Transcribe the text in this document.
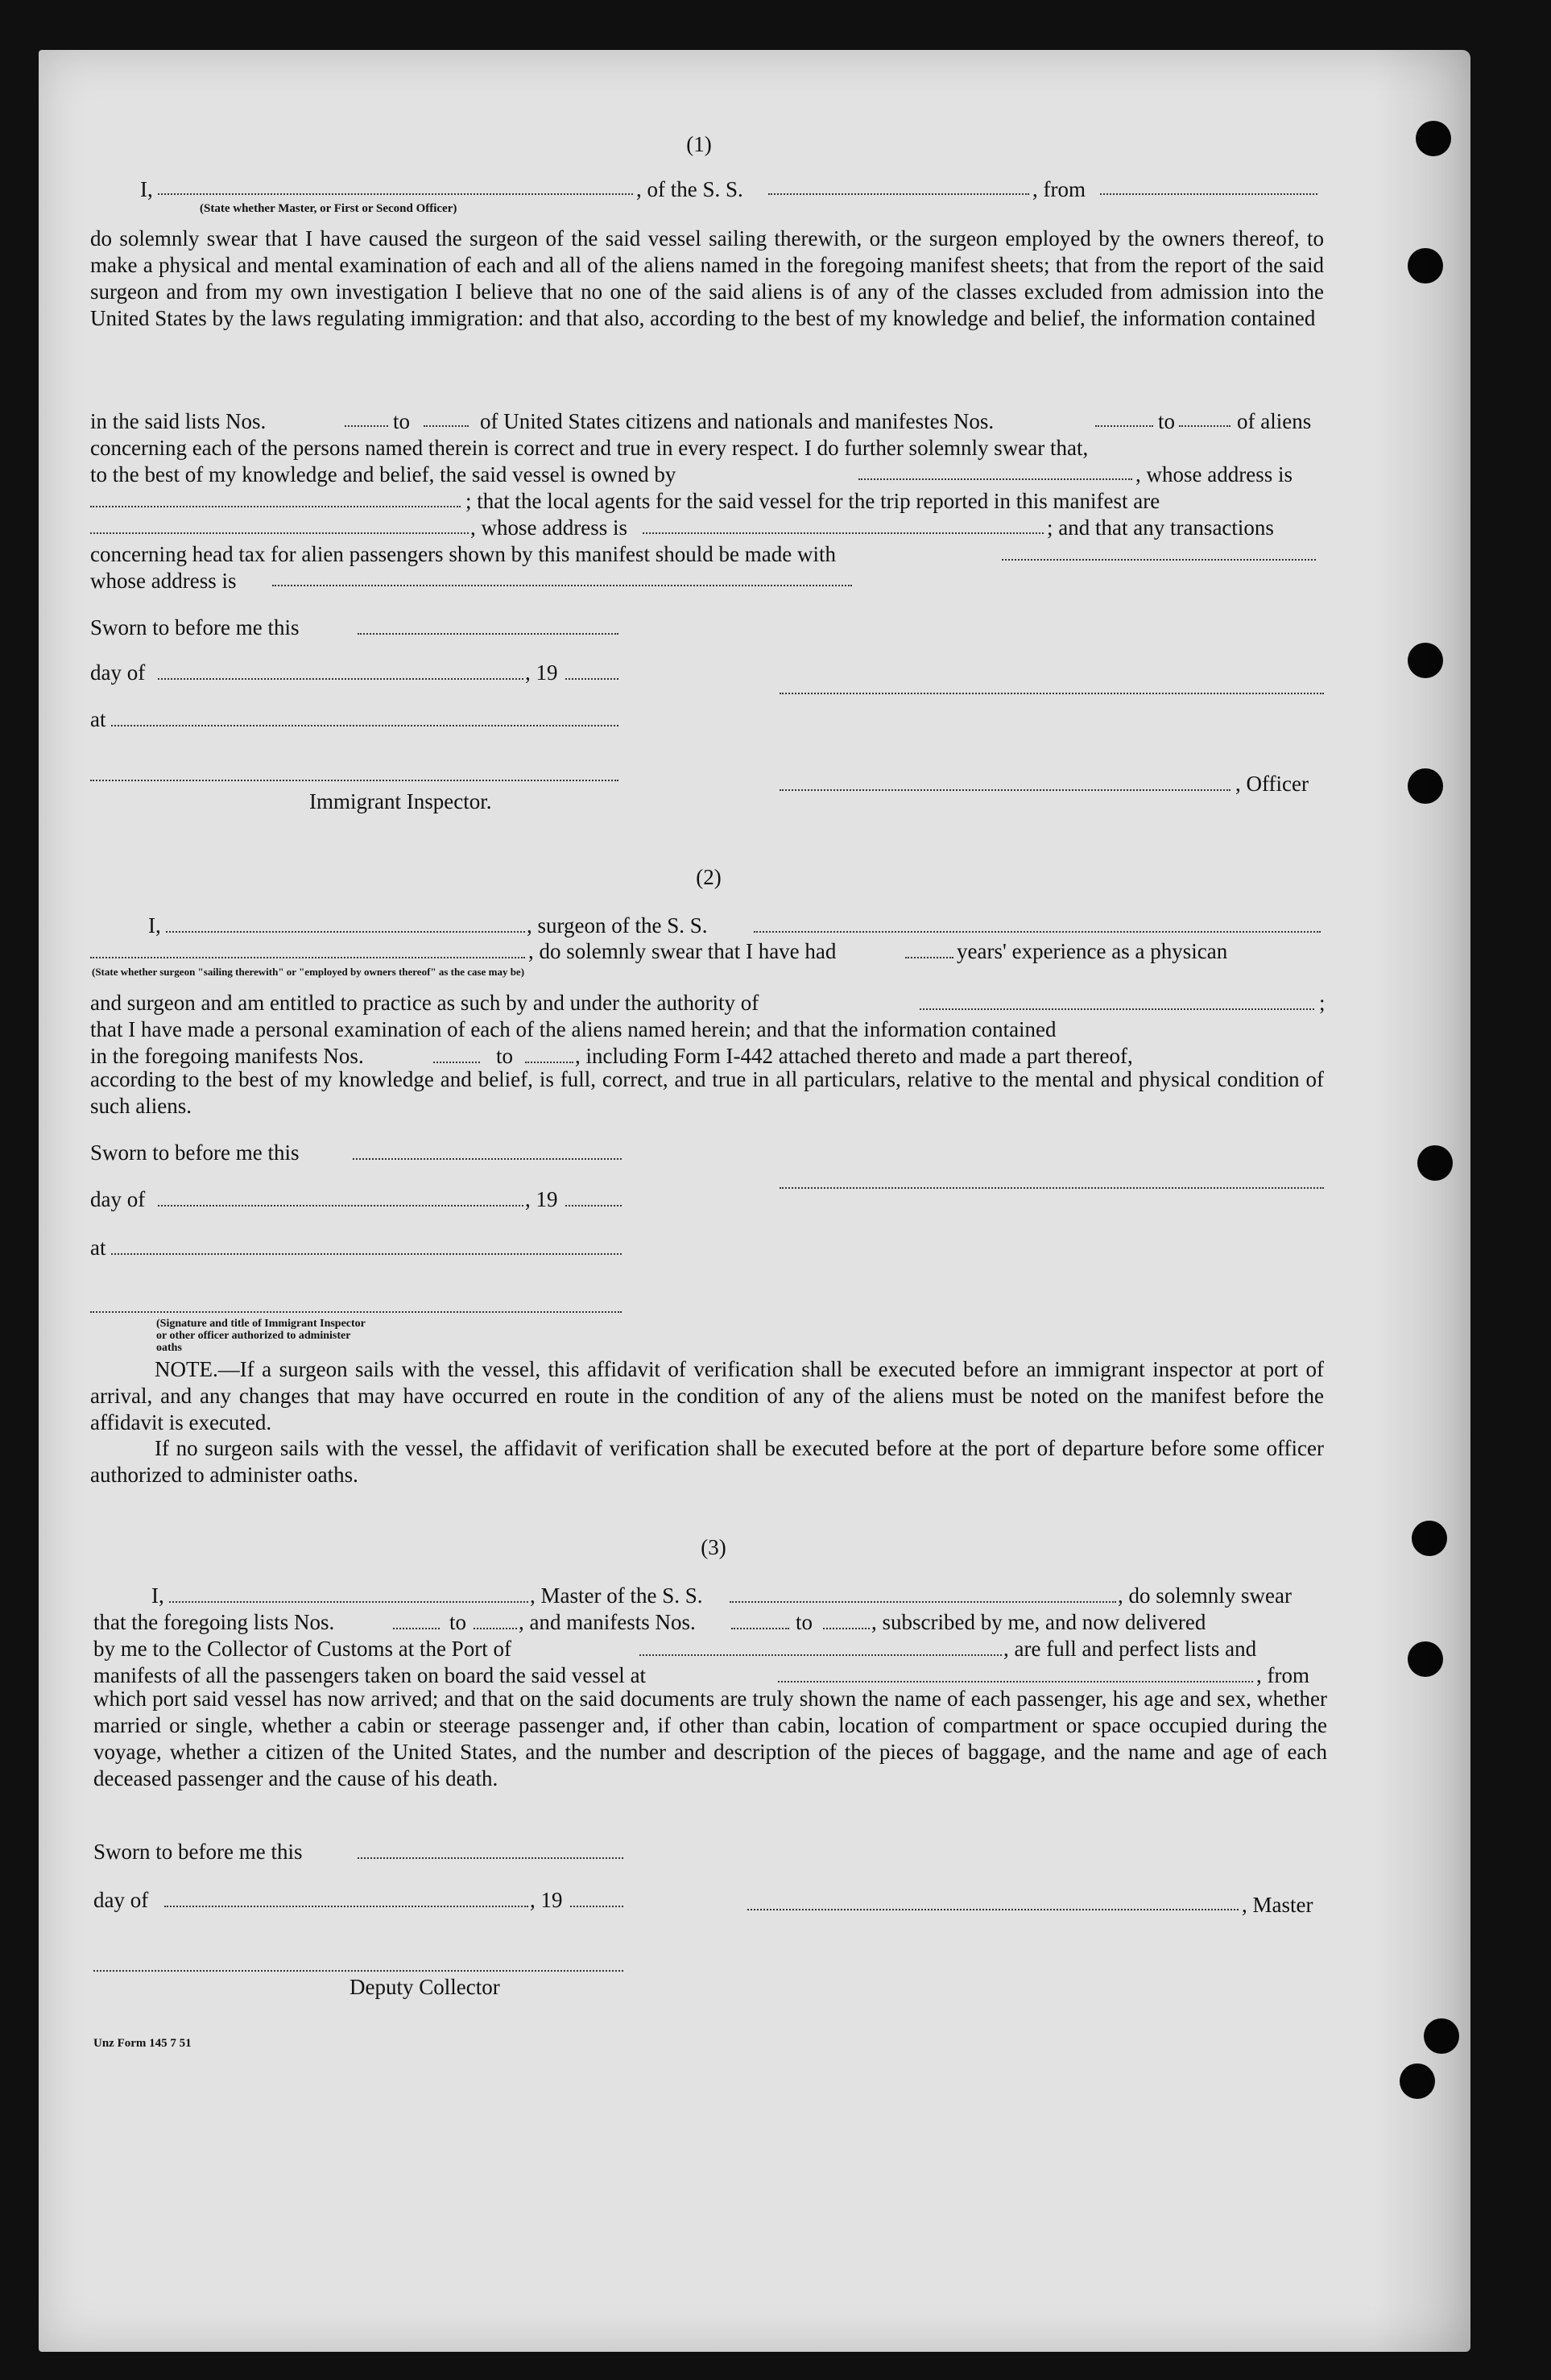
(1)
I,	, of the S. S.	, from
(State whether Master, or First or Second Officer)
do solemnly swear that I have caused the surgeon of the said vessel sailing therewith, or the surgeon employed by the owners thereof, to make a physical and mental examination of each and all of the aliens named in the foregoing manifest sheets; that from the report of the said surgeon and from my own investigation I believe that no one of the said aliens is of any of the classes excluded from admission into the United States by the laws regulating immigration: and that also, according to the best of my knowledge and belief, the information contained
in the said lists Nos.	to	of United States citizens and nationals and manifestes Nos.	to	of aliens
concerning each of the persons named therein is correct and true in every respect. I do further solemnly swear that,
to the best of my knowledge and belief, the said vessel is owned by	, whose address is
; that the local agents for the said vessel for the trip reported in this manifest are
, whose address is	; and that any transactions
concerning head tax for alien passengers shown by this manifest should be made with
whose address is
Sworn to before me this
day of	, 19
at
, Officer
Immigrant Inspector.
(2)
I,	, surgeon of the S. S.
, do solemnly swear that I have had	years' experience as a physican
(State whether surgeon "sailing therewith" or "employed by owners thereof" as the case may be)
and surgeon and am entitled to practice as such by and under the authority of	;
that I have made a personal examination of each of the aliens named herein; and that the information contained
in the foregoing manifests Nos.	to	, including Form I-442 attached thereto and made a part thereof,
according to the best of my knowledge and belief, is full, correct, and true in all particulars, relative to the mental and physical condition of such aliens.
Sworn to before me this
day of	, 19
at
(Signature and title of Immigrant Inspector or other officer authorized to administer oaths
NOTE.—If a surgeon sails with the vessel, this affidavit of verification shall be executed before an immigrant inspector at port of arrival, and any changes that may have occurred en route in the condition of any of the aliens must be noted on the manifest before the affidavit is executed.
If no surgeon sails with the vessel, the affidavit of verification shall be executed before at the port of departure before some officer authorized to administer oaths.
(3)
I,	, Master of the S. S.	, do solemnly swear
that the foregoing lists Nos.	to , and manifests Nos.	to	, subscribed by me, and now delivered
by me to the Collector of Customs at the Port of	, are full and perfect lists and
manifests of all the passengers taken on board the said vessel at	, from
which port said vessel has now arrived; and that on the said documents are truly shown the name of each passenger, his age and sex, whether married or single, whether a cabin or steerage passenger and, if other than cabin, location of compartment or space occupied during the voyage, whether a citizen of the United States, and the number and description of the pieces of baggage, and the name and age of each deceased passenger and the cause of his death.
Sworn to before me this
day of	, 19	, Master
Deputy Collector
Unz Form 145 7 51
